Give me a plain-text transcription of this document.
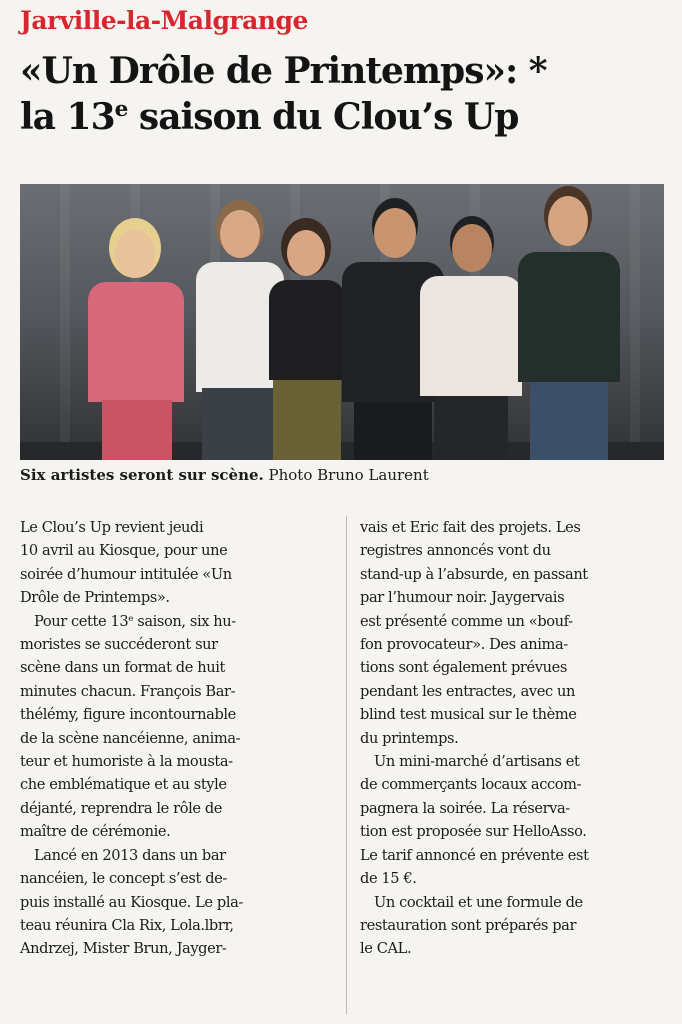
Jarville-la-Malgrange
«Un Drôle de Printemps»: *
la 13e saison du Clou’s Up
Six artistes seront sur scène. Photo Bruno Laurent
Le Clou’s Up revient jeudi
10 avril au Kiosque, pour une
soirée d’humour intitulée «Un
Drôle de Printemps».
Pour cette 13e saison, six hu-
moristes se succéderont sur
scène dans un format de huit
minutes chacun. François Bar-
thélémy, figure incontournable
de la scène nancéienne, anima-
teur et humoriste à la mousta-
che emblématique et au style
déjanté, reprendra le rôle de
maître de cérémonie.
Lancé en 2013 dans un bar
nancéien, le concept s’est de-
puis installé au Kiosque. Le pla-
teau réunira Cla Rix, Lola.lbrr,
Andrzej, Mister Brun, Jayger-
vais et Eric fait des projets. Les
registres annoncés vont du
stand-up à l’absurde, en passant
par l’humour noir. Jaygervais
est présenté comme un «bouf-
fon provocateur». Des anima-
tions sont également prévues
pendant les entractes, avec un
blind test musical sur le thème
du printemps.
Un mini-marché d’artisans et
de commerçants locaux accom-
pagnera la soirée. La réserva-
tion est proposée sur HelloAsso.
Le tarif annoncé en prévente est
de 15 €.
Un cocktail et une formule de
restauration sont préparés par
le CAL.
